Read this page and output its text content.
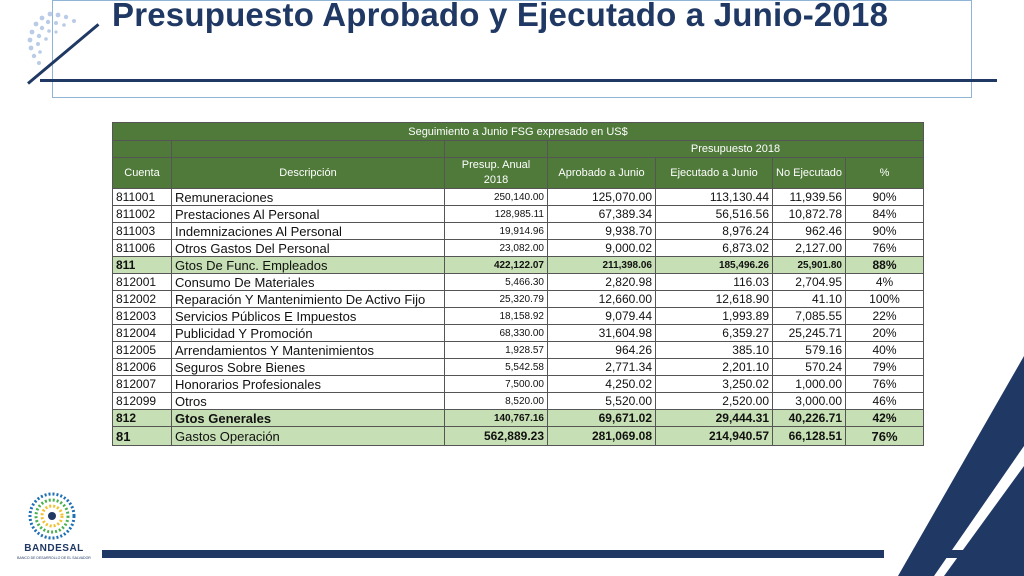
Presupuesto Aprobado y Ejecutado a Junio-2018
Seguimiento a Junio FSG expresado en US$						
			Presupuesto 2018			
Cuenta	Descripción	Presup. Anual 2018	Aprobado a Junio	Ejecutado a Junio	No Ejecutado	%
811001	Remuneraciones	250,140.00	125,070.00	113,130.44	11,939.56	90%
811002	Prestaciones Al Personal	128,985.11	67,389.34	56,516.56	10,872.78	84%
811003	Indemnizaciones Al Personal	19,914.96	9,938.70	8,976.24	962.46	90%
811006	Otros Gastos Del Personal	23,082.00	9,000.02	6,873.02	2,127.00	76%
811	Gtos De Func. Empleados	422,122.07	211,398.06	185,496.26	25,901.80	88%
812001	Consumo De Materiales	5,466.30	2,820.98	116.03	2,704.95	4%
812002	Reparación Y Mantenimiento De Activo Fijo	25,320.79	12,660.00	12,618.90	41.10	100%
812003	Servicios Públicos E Impuestos	18,158.92	9,079.44	1,993.89	7,085.55	22%
812004	Publicidad Y Promoción	68,330.00	31,604.98	6,359.27	25,245.71	20%
812005	Arrendamientos Y Mantenimientos	1,928.57	964.26	385.10	579.16	40%
812006	Seguros Sobre Bienes	5,542.58	2,771.34	2,201.10	570.24	79%
812007	Honorarios Profesionales	7,500.00	4,250.02	3,250.02	1,000.00	76%
812099	Otros	8,520.00	5,520.00	2,520.00	3,000.00	46%
812	Gtos Generales	140,767.16	69,671.02	29,444.31	40,226.71	42%
81	Gastos Operación	562,889.23	281,069.08	214,940.57	66,128.51	76%
BANDESAL
BANCO DE DESARROLLO DE EL SALVADOR
